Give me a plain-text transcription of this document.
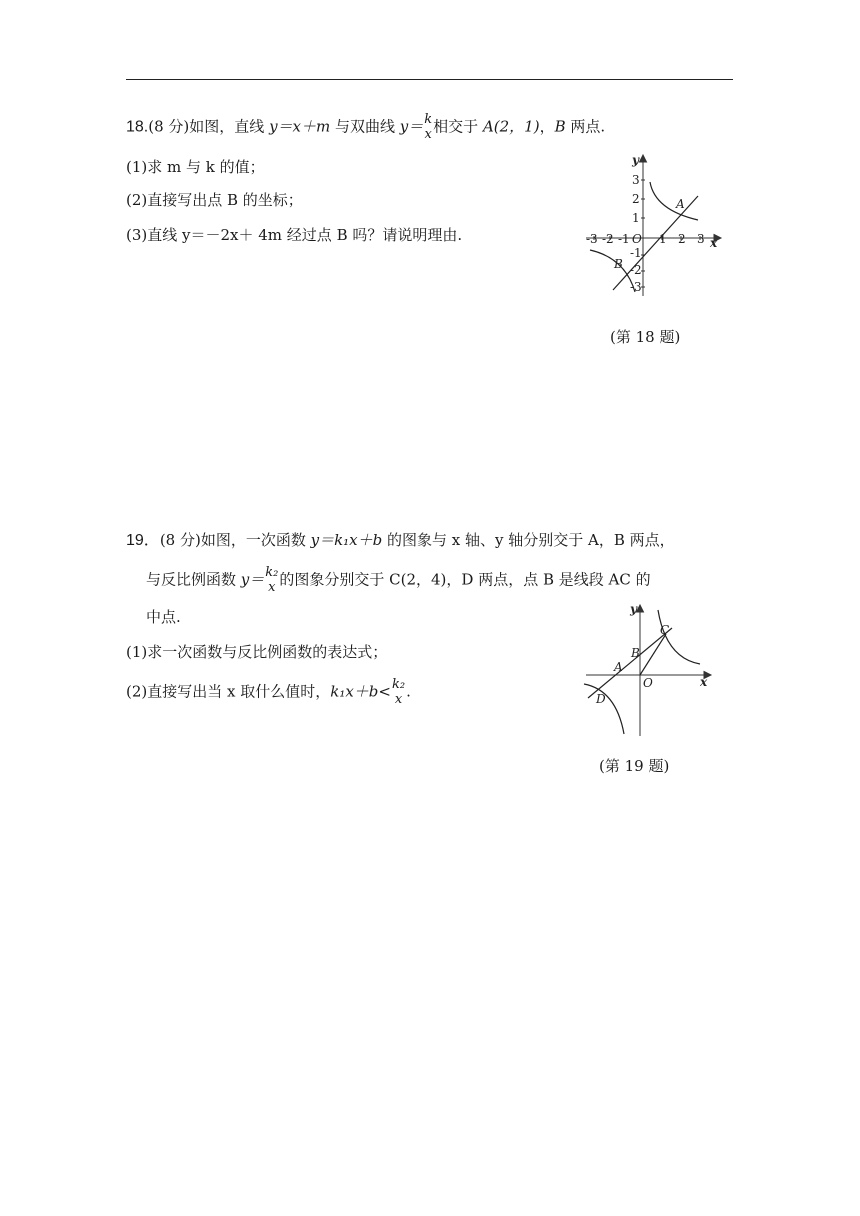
18.(8 分)如图，直线 y＝x＋m 与双曲线 y＝ k
x 相交于 A(2，1)，B 两点.
(1)求 m 与 k 的值；
(2)直接写出点 B 的坐标；
(3)直线 y＝－2x＋ 4m 经过点 B 吗？请说明理由.
y
x
O
A
B
3
2
1
-1
-2
-3
-3 -2 -1 1 2 3
(第 18 题)
19．(8 分)如图，一次函数 y＝k₁x＋b 的图象与 x 轴、y 轴分别交于 A，B 两点，
与反比例函数 y＝ k₂
x 的图象分别交于 C(2，4)，D 两点，点 B 是线段 AC 的
中点.
(1)求一次函数与反比例函数的表达式；
(2)直接写出当 x 取什么值时，k₁x＋b< k₂
x .
y
x
O
A
B
C
D
(第 19 题)
